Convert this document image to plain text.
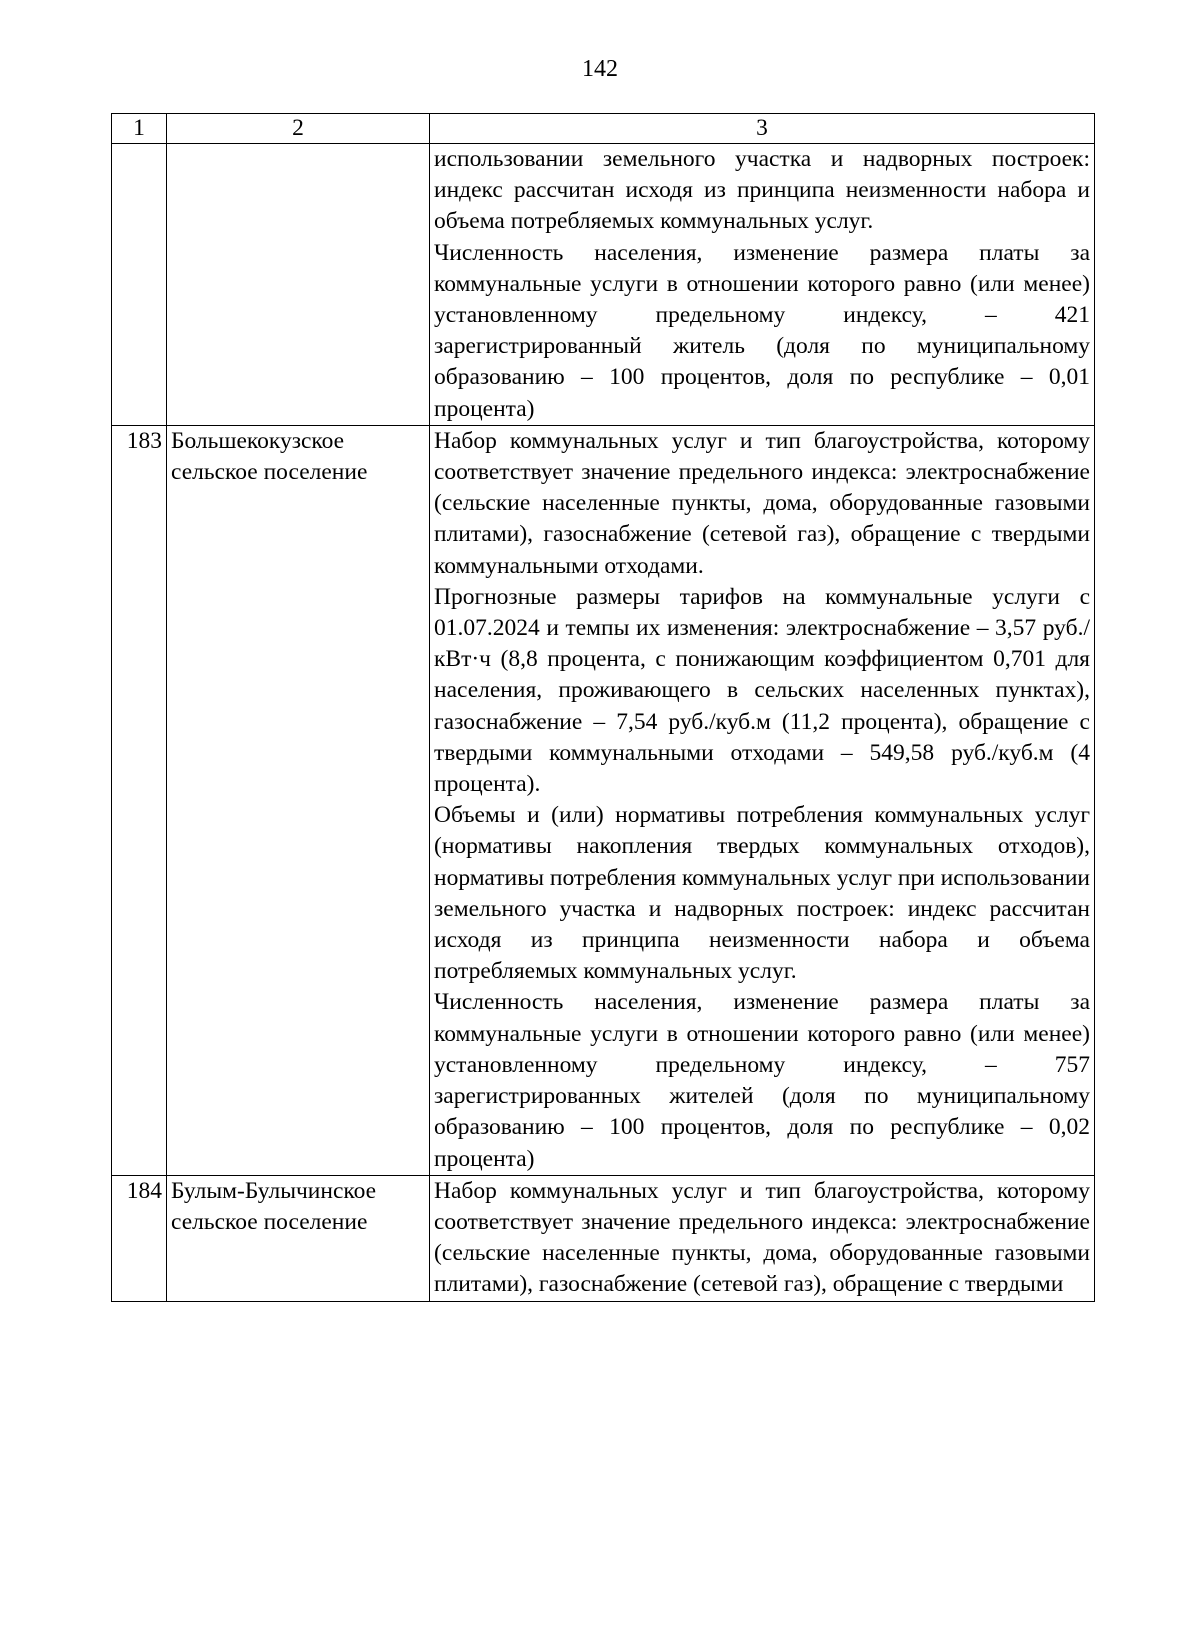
142
1	2	3

		использовании земельного участка и надворных построек: индекс рассчитан исходя из принципа неизменности набора и объема потребляемых коммунальных услуг.

Численность населения, изменение размера платы за коммунальные услуги в отношении которого равно (или менее) установленному предельному индексу, – 421 зарегистрированный житель (доля по муниципальному образованию – 100 процентов, доля по республике – 0,01 процента)

183	Большекокузское сельское поселение	Набор коммунальных услуг и тип благоустройства, которому соответствует значение предельного индекса: электроснабжение (сельские населенные пункты, дома, оборудованные газовыми плитами), газоснабжение (сетевой газ), обращение с твердыми коммунальными отходами.

Прогнозные размеры тарифов на коммунальные услуги с 01.07.2024 и темпы их изменения: электроснабжение – 3,57 руб./кВт·ч (8,8 процента, с понижающим коэффициентом 0,701 для населения, проживающего в сельских населенных пунктах), газоснабжение – 7,54 руб./куб.м (11,2 процента), обращение с твердыми коммунальными отходами – 549,58 руб./куб.м (4 процента).

Объемы и (или) нормативы потребления коммунальных услуг (нормативы накопления твердых коммунальных отходов), нормативы потребления коммунальных услуг при использовании земельного участка и надворных построек: индекс рассчитан исходя из принципа неизменности набора и объема потребляемых коммунальных услуг.

Численность населения, изменение размера платы за коммунальные услуги в отношении которого равно (или менее) установленному предельному индексу, – 757 зарегистрированных жителей (доля по муниципальному образованию – 100 процентов, доля по республике – 0,02 процента)

184	Булым-Булычинское сельское поселение	Набор коммунальных услуг и тип благоустройства, которому соответствует значение предельного индекса: электроснабжение (сельские населенные пункты, дома, оборудованные газовыми плитами), газоснабжение (сетевой газ), обращение с твердыми
